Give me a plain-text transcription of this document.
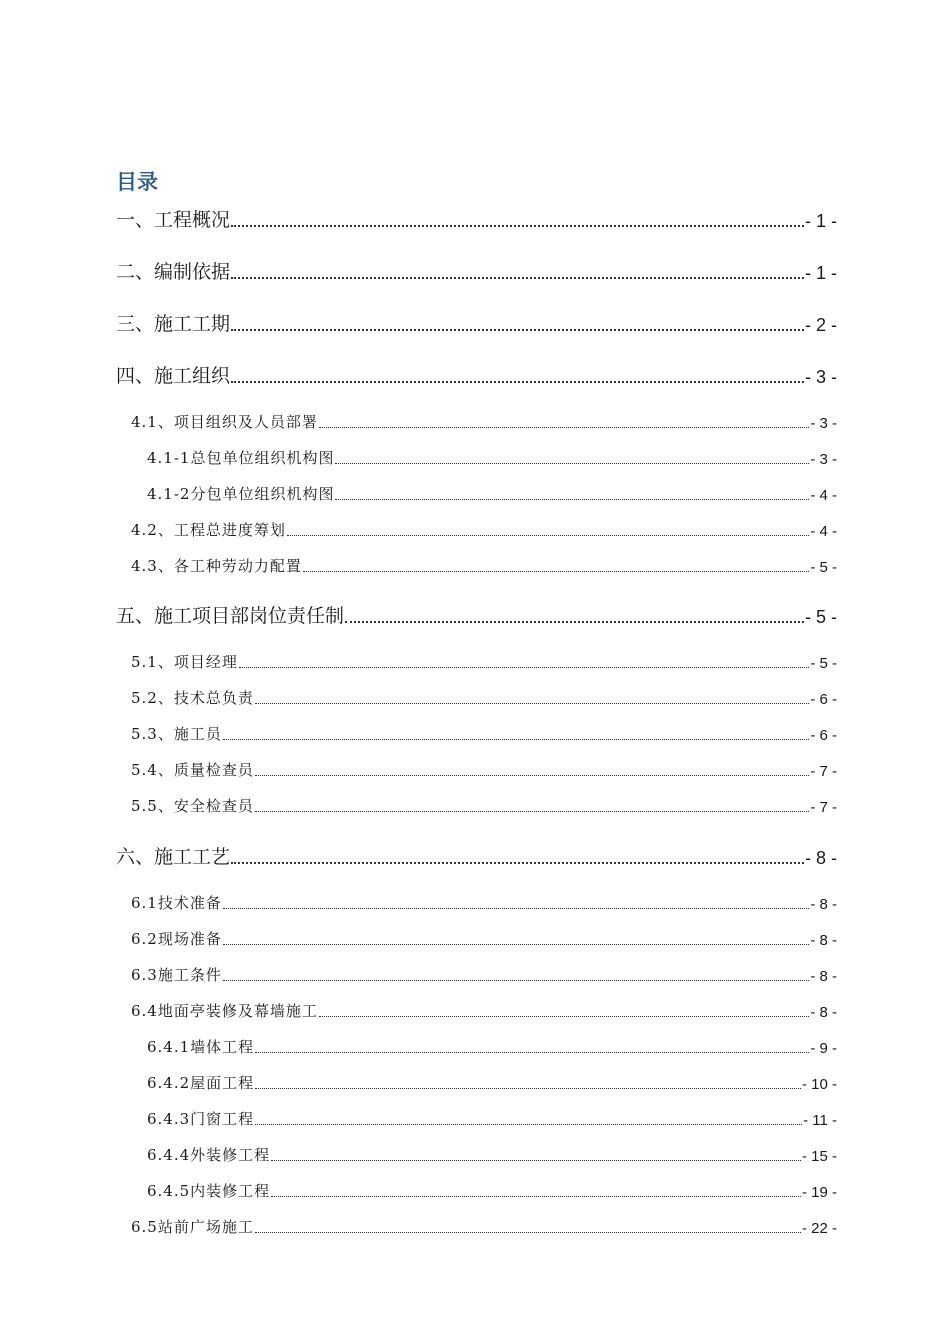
目录
一、工程概况	- 1 -
二、编制依据	- 1 -
三、施工工期	- 2 -
四、施工组织	- 3 -
4.1、项目组织及人员部署	- 3 -
4.1-1总包单位组织机构图	- 3 -
4.1-2分包单位组织机构图	- 4 -
4.2、工程总进度筹划	- 4 -
4.3、各工种劳动力配置	- 5 -
五、施工项目部岗位责任制	- 5 -
5.1、项目经理	- 5 -
5.2、技术总负责	- 6 -
5.3、施工员	- 6 -
5.4、质量检查员	- 7 -
5.5、安全检查员	- 7 -
六、施工工艺	- 8 -
6.1技术准备	- 8 -
6.2现场准备	- 8 -
6.3施工条件	- 8 -
6.4地面亭装修及幕墙施工	- 8 -
6.4.1墙体工程	- 9 -
6.4.2屋面工程	- 10 -
6.4.3门窗工程	- 11 -
6.4.4外装修工程	- 15 -
6.4.5内装修工程	- 19 -
6.5站前广场施工	- 22 -
